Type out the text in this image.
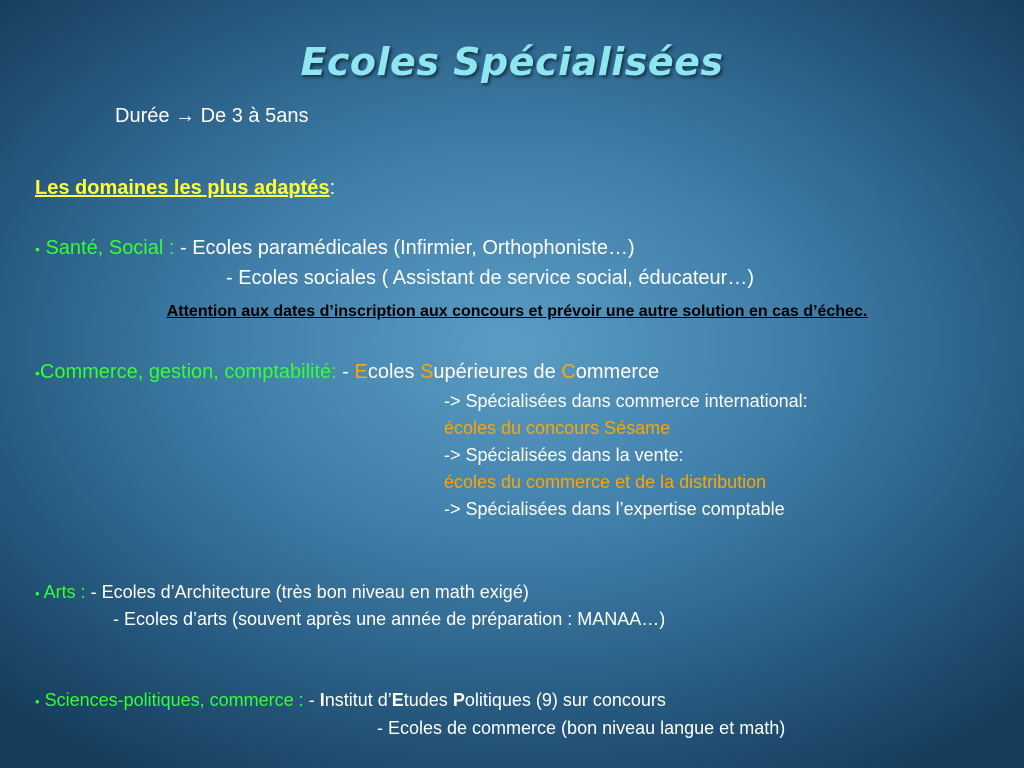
Ecoles Spécialisées
Durée → De 3 à 5ans
Les domaines les plus adaptés:
• Santé, Social : - Ecoles paramédicales (Infirmier, Orthophoniste…)
- Ecoles sociales ( Assistant de service social, éducateur…)
Attention aux dates d’inscription aux concours et prévoir une autre solution en cas d’échec.
•Commerce, gestion, comptabilité: - Ecoles Supérieures de Commerce
-> Spécialisées dans commerce international:
écoles du concours Sésame
-> Spécialisées dans la vente:
écoles du commerce et de la distribution
-> Spécialisées dans l’expertise comptable
• Arts : - Ecoles d’Architecture (très bon niveau en math exigé)
- Ecoles d’arts (souvent après une année de préparation : MANAA…)
• Sciences-politiques, commerce : - Institut d’Etudes Politiques (9) sur concours
- Ecoles de commerce (bon niveau langue et math)
